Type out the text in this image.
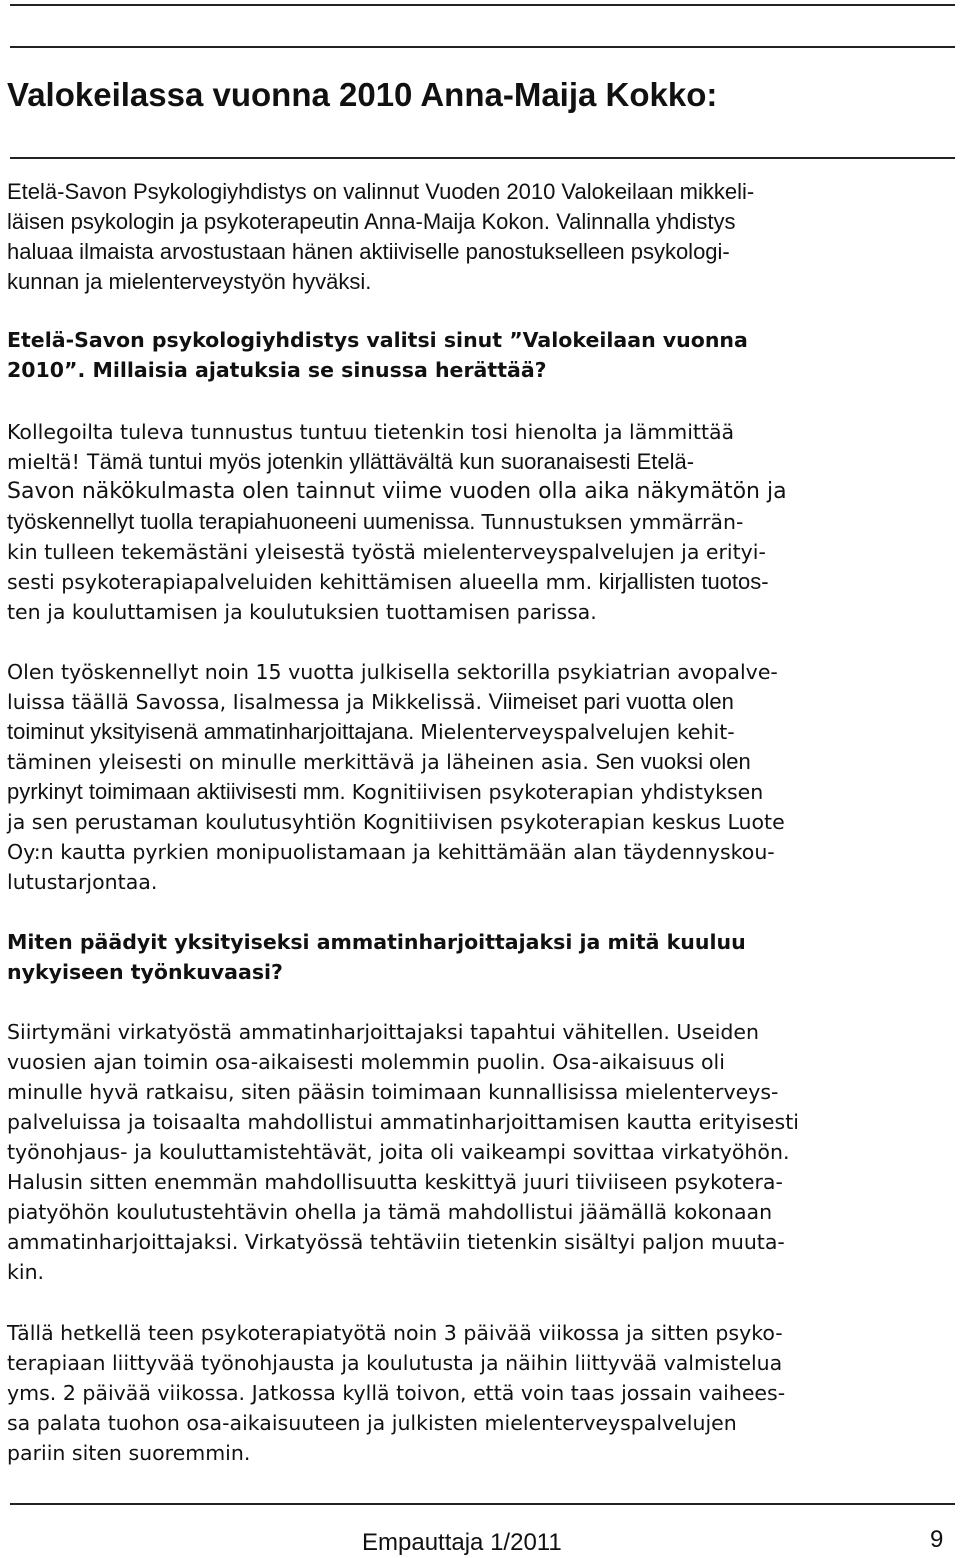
Valokeilassa vuonna 2010 Anna-Maija Kokko:

Etelä-Savon Psykologiyhdistys on valinnut Vuoden 2010 Valokeilaan mikkeli-
läisen psykologin ja psykoterapeutin Anna-Maija Kokon. Valinnalla yhdistys
haluaa ilmaista arvostustaan hänen aktiiviselle panostukselleen psykologi-
kunnan ja mielenterveystyön hyväksi.

Etelä-Savon psykologiyhdistys valitsi sinut ”Valokeilaan vuonna
2010”. Millaisia ajatuksia se sinussa herättää?

Kollegoilta tuleva tunnustus tuntuu tietenkin tosi hienolta ja lämmittää
mieltä! Tämä tuntui myös jotenkin yllättävältä kun suoranaisesti Etelä-
Savon näkökulmasta olen tainnut viime vuoden olla aika näkymätön ja
työskennellyt tuolla terapiahuoneeni uumenissa. Tunnustuksen ymmärrän-
kin tulleen tekemästäni yleisestä työstä mielenterveyspalvelujen ja erityi-
sesti psykoterapiapalveluiden kehittämisen alueella mm. kirjallisten tuotos-
ten ja kouluttamisen ja koulutuksien tuottamisen parissa.

Olen työskennellyt noin 15 vuotta julkisella sektorilla psykiatrian avopalve-
luissa täällä Savossa, Iisalmessa ja Mikkelissä. Viimeiset pari vuotta olen
toiminut yksityisenä ammatinharjoittajana. Mielenterveyspalvelujen kehit-
täminen yleisesti on minulle merkittävä ja läheinen asia. Sen vuoksi olen
pyrkinyt toimimaan aktiivisesti mm. Kognitiivisen psykoterapian yhdistyksen
ja sen perustaman koulutusyhtiön Kognitiivisen psykoterapian keskus Luote
Oy:n kautta pyrkien monipuolistamaan ja kehittämään alan täydennyskou-
lutustarjontaa.

Miten päädyit yksityiseksi ammatinharjoittajaksi ja mitä kuuluu
nykyiseen työnkuvaasi?

Siirtymäni virkatyöstä ammatinharjoittajaksi tapahtui vähitellen. Useiden
vuosien ajan toimin osa-aikaisesti molemmin puolin. Osa-aikaisuus oli
minulle hyvä ratkaisu, siten pääsin toimimaan kunnallisissa mielenterveys-
palveluissa ja toisaalta mahdollistui ammatinharjoittamisen kautta erityisesti
työnohjaus- ja kouluttamistehtävät, joita oli vaikeampi sovittaa virkatyöhön.
Halusin sitten enemmän mahdollisuutta keskittyä juuri tiiviiseen psykotera-
piatyöhön koulutustehtävin ohella ja tämä mahdollistui jäämällä kokonaan
ammatinharjoittajaksi. Virkatyössä tehtäviin tietenkin sisältyi paljon muuta-
kin.

Tällä hetkellä teen psykoterapiatyötä noin 3 päivää viikossa ja sitten psyko-
terapiaan liittyvää työnohjausta ja koulutusta ja näihin liittyvää valmistelua
yms. 2 päivää viikossa. Jatkossa kyllä toivon, että voin taas jossain vaihees-
sa palata tuohon osa-aikaisuuteen ja julkisten mielenterveyspalvelujen
pariin siten suoremmin.

Empauttaja 1/2011	9
